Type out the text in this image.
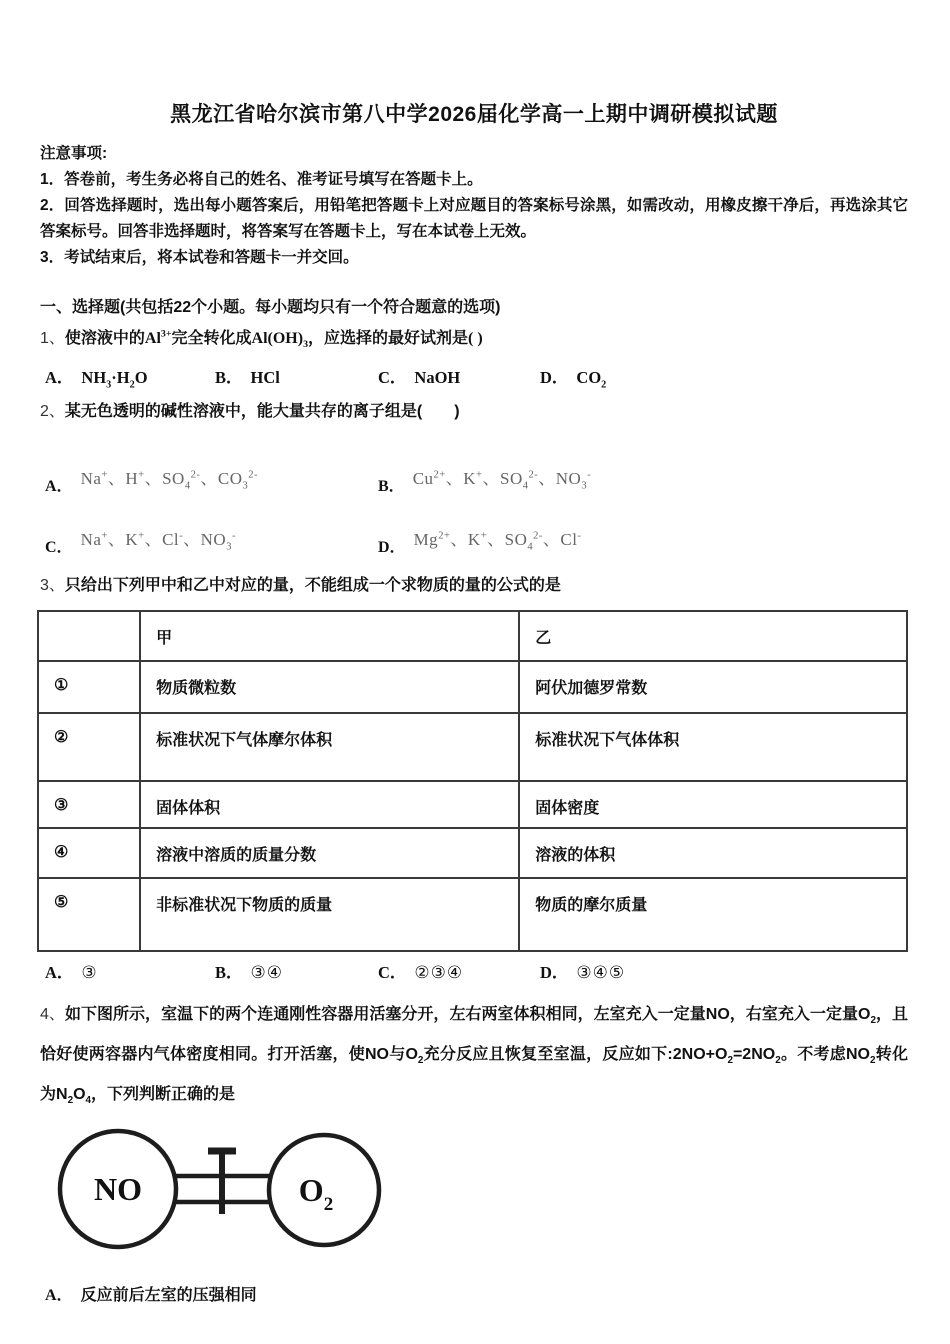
黑龙江省哈尔滨市第八中学2026届化学高一上期中调研模拟试题
注意事项:
1．答卷前，考生务必将自己的姓名、准考证号填写在答题卡上。
2．回答选择题时，选出每小题答案后，用铅笔把答题卡上对应题目的答案标号涂黑，如需改动，用橡皮擦干净后，再选涂其它答案标号。回答非选择题时，将答案写在答题卡上，写在本试卷上无效。
3．考试结束后，将本试卷和答题卡一并交回。
一、选择题(共包括22个小题。每小题均只有一个符合题意的选项)
1、使溶液中的$Al^{3+}$完全转化成$Al(OH)_3$，应选择的最好试剂是( )
A． $NH_3\cdot H_2O$	B． HCl	C． NaOH	D． $CO_2$
2、某无色透明的碱性溶液中，能大量共存的离子组是(　　)
A． Na+、H+、$SO_4^{2-}$、$CO_3^{2-}$
B． $Cu^{2+}$、K+、$SO_4^{2-}$、$NO_3^-$
C． Na+、K+、Cl-、$NO_3^-$
D． $Mg^{2+}$、K+、$SO_4^{2-}$、Cl-
3、只给出下列甲中和乙中对应的量，不能组成一个求物质的量的公式的是
	甲	乙
①	物质微粒数	阿伏加德罗常数
②	标准状况下气体摩尔体积	标准状况下气体体积
③	固体体积	固体密度
④	溶液中溶质的质量分数	溶液的体积
⑤	非标准状况下物质的质量	物质的摩尔质量
A． ③	B． ③④	C． ②③④	D． ③④⑤
4、如下图所示，室温下的两个连通刚性容器用活塞分开，左右两室体积相同，左室充入一定量NO，右室充入一定量$O_2$，且恰好使两容器内气体密度相同。打开活塞，使NO与$O_2$充分反应且恢复至室温，反应如下$:2NO+O_2=2NO_2$。不考虑$NO_2$转化为$N_2O_4$，下列判断正确的是
NO	$O_2$
A． 反应前后左室的压强相同
